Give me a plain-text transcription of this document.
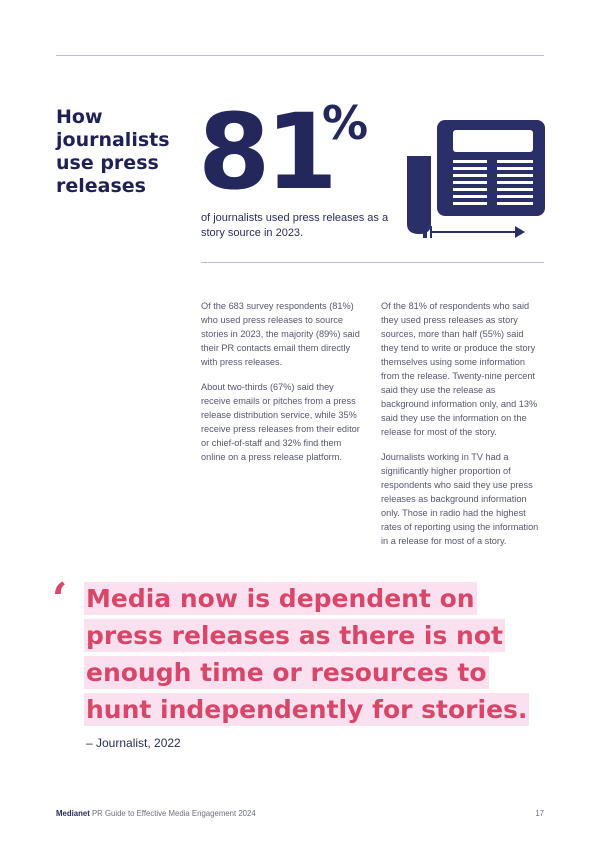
How journalists use press releases 81
%

of journalists used press releases as a story source in 2023.

Of the 683 survey respondents (81%) who used press releases to source stories in 2023, the majority (89%) said their PR contacts email them directly with press releases.

About two-thirds (67%) said they receive emails or pitches from a press release distribution service, while 35% receive press releases from their editor or chief-of-staff and 32% find them online on a press release platform.

Of the 81% of respondents who said they used press releases as story sources, more than half (55%) said they tend to write or produce the story themselves using some information from the release. Twenty-nine percent said they use the release as background information only, and 13% said they use the information on the release for most of the story.

Journalists working in TV had a significantly higher proportion of respondents who said they use press releases as background information only. Those in radio had the highest rates of reporting using the information in a release for most of a story.

‘ Media now is dependent on
press releases as there is not
enough time or resources to
hunt independently for stories.

– Journalist, 2022
Medianet PR Guide to Effective Media Engagement 2024	17
